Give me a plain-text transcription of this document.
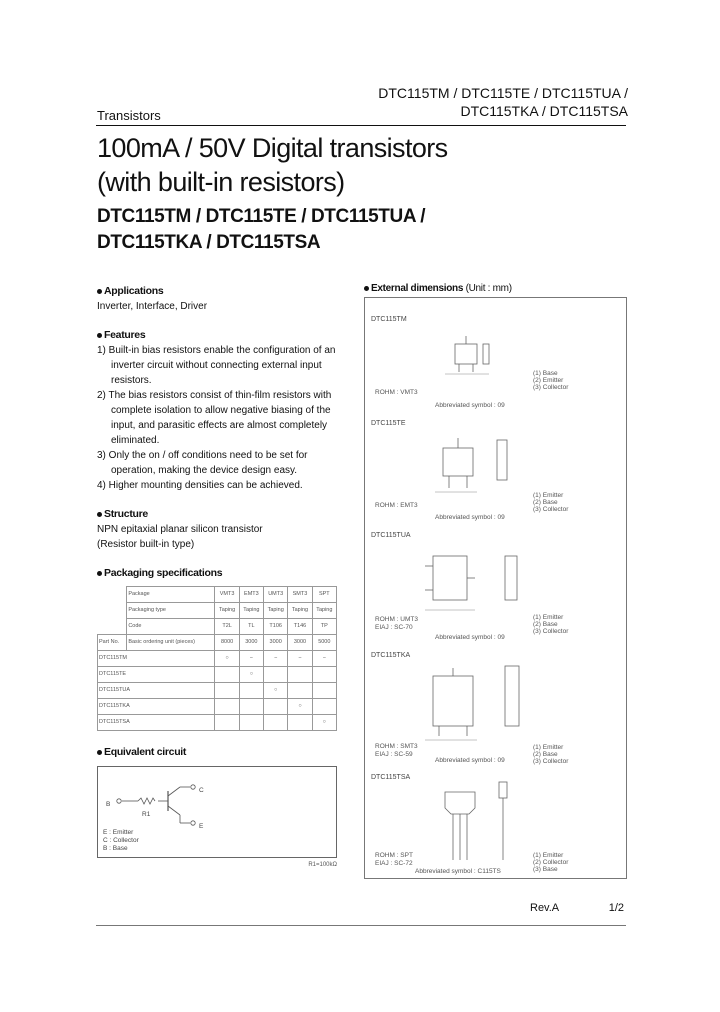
DTC115TM / DTC115TE / DTC115TUA /
DTC115TKA / DTC115TSA
Transistors
100mA / 50V Digital transistors
(with built-in resistors)
DTC115TM / DTC115TE / DTC115TUA /
DTC115TKA / DTC115TSA
Applications
Inverter, Interface, Driver
Features
1) Built-in bias resistors enable the configuration of an inverter circuit without connecting external input resistors.
2) The bias resistors consist of thin-film resistors with complete isolation to allow negative biasing of the input, and parasitic effects are almost completely eliminated.
3) Only the on / off conditions need to be set for operation, making the device design easy.
4) Higher mounting densities can be achieved.
Structure
NPN epitaxial planar silicon transistor
(Resistor built-in type)
Packaging specifications
	Package	VMT3	EMT3	UMT3	SMT3	SPT
	Packaging type	Taping	Taping	Taping	Taping	Taping
	Code	T2L	TL	T106	T146	TP
Part No.	Basic ordering unit (pieces)	8000	3000	3000	3000	5000
DTC115TM		○	−	−	−	−
DTC115TE			○			
DTC115TUA				○		
DTC115TKA					○	
DTC115TSA						○
Equivalent circuit
B
R1
C
E
E : Emitter
C : Collector
B : Base
R1=100kΩ
External dimensions (Unit : mm)
DTC115TM
ROHM : VMT3
Abbreviated symbol : 09
(1) Base
(2) Emitter
(3) Collector
DTC115TE
ROHM : EMT3
Abbreviated symbol : 09
(1) Emitter
(2) Base
(3) Collector
DTC115TUA
ROHM : UMT3
EIAJ : SC-70
Abbreviated symbol : 09
(1) Emitter
(2) Base
(3) Collector
DTC115TKA
ROHM : SMT3
EIAJ : SC-59
Abbreviated symbol : 09
(1) Emitter
(2) Base
(3) Collector
DTC115TSA
ROHM : SPT
EIAJ : SC-72
Abbreviated symbol : C115TS
(1) Emitter
(2) Collector
(3) Base
Rev.A	1/2
